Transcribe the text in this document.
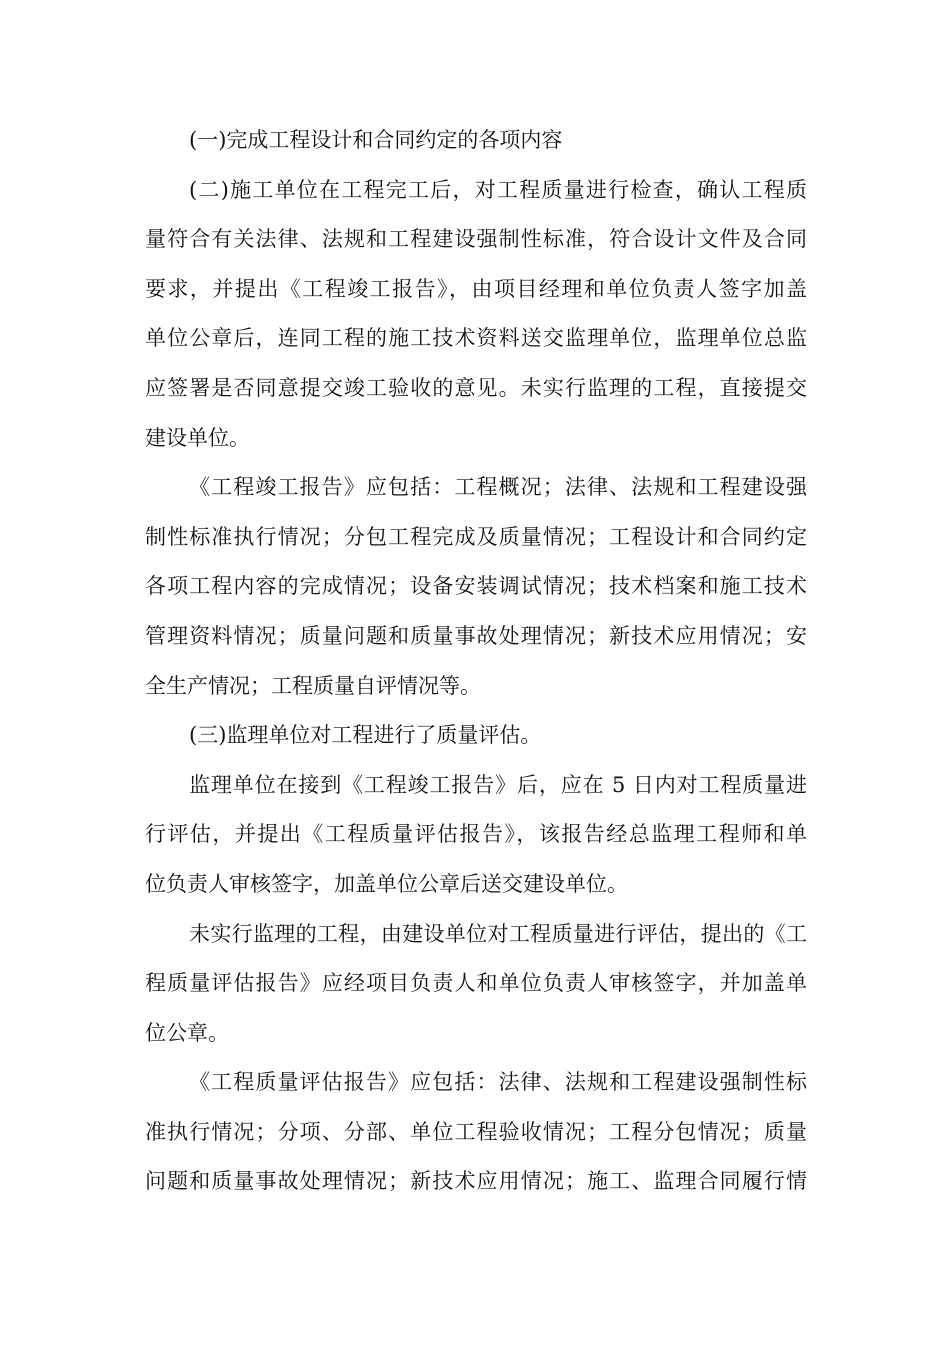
(一)完成工程设计和合同约定的各项内容
(二)施工单位在工程完工后，对工程质量进行检查，确认工程质
量符合有关法律、法规和工程建设强制性标准，符合设计文件及合同
要求，并提出《工程竣工报告》，由项目经理和单位负责人签字加盖
单位公章后，连同工程的施工技术资料送交监理单位，监理单位总监
应签署是否同意提交竣工验收的意见。未实行监理的工程，直接提交
建设单位。
《工程竣工报告》应包括：工程概况；法律、法规和工程建设强
制性标准执行情况；分包工程完成及质量情况；工程设计和合同约定
各项工程内容的完成情况；设备安装调试情况；技术档案和施工技术
管理资料情况；质量问题和质量事故处理情况；新技术应用情况；安
全生产情况；工程质量自评情况等。
(三)监理单位对工程进行了质量评估。
监理单位在接到《工程竣工报告》后，应在 5 日内对工程质量进
行评估，并提出《工程质量评估报告》，该报告经总监理工程师和单
位负责人审核签字，加盖单位公章后送交建设单位。
未实行监理的工程，由建设单位对工程质量进行评估，提出的《工
程质量评估报告》应经项目负责人和单位负责人审核签字，并加盖单
位公章。
《工程质量评估报告》应包括：法律、法规和工程建设强制性标
准执行情况；分项、分部、单位工程验收情况；工程分包情况；质量
问题和质量事故处理情况；新技术应用情况；施工、监理合同履行情
